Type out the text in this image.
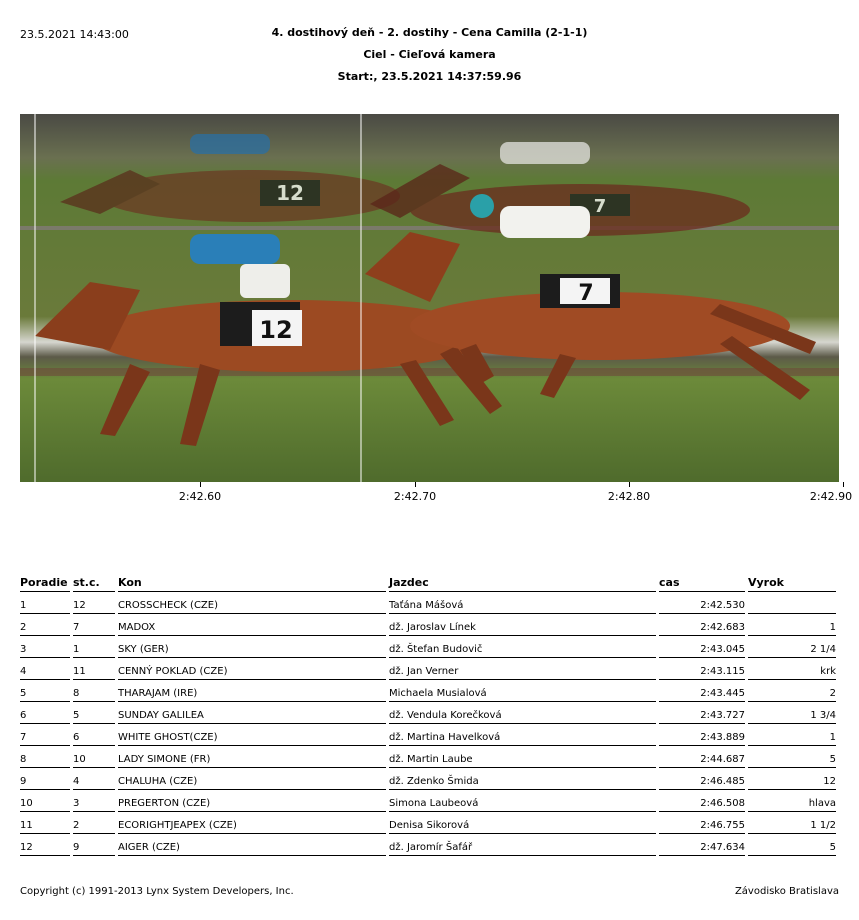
23.5.2021 14:43:00	4. dostihový deň - 2. dostihy - Cena Camilla (2-1-1)
Ciel - Cieľová kamera
Start:, 23.5.2021 14:37:59.96
12
7
12
7
2:42.60	2:42.70	2:42.80	2:42.90
Poradie	st.c.	Kon	Jazdec	cas	Vyrok
1	12	CROSSCHECK (CZE)	Taťána Mášová	2:42.530	
2	7	MADOX	dž. Jaroslav Línek	2:42.683	1
3	1	SKY (GER)	dž. Štefan Budovič	2:43.045	2 1/4
4	11	CENNÝ POKLAD (CZE)	dž. Jan Verner	2:43.115	krk
5	8	THARAJAM (IRE)	Michaela Musialová	2:43.445	2
6	5	SUNDAY GALILEA	dž. Vendula Korečková	2:43.727	1 3/4
7	6	WHITE GHOST(CZE)	dž. Martina Havelková	2:43.889	1
8	10	LADY SIMONE (FR)	dž. Martin Laube	2:44.687	5
9	4	CHALUHA (CZE)	dž. Zdenko Šmida	2:46.485	12
10	3	PREGERTON (CZE)	Simona Laubeová	2:46.508	hlava
11	2	ECORIGHTJEAPEX (CZE)	Denisa Sikorová	2:46.755	1 1/2
12	9	AIGER (CZE)	dž. Jaromír Šafář	2:47.634	5
Copyright (c) 1991-2013 Lynx System Developers, Inc.	Závodisko Bratislava
